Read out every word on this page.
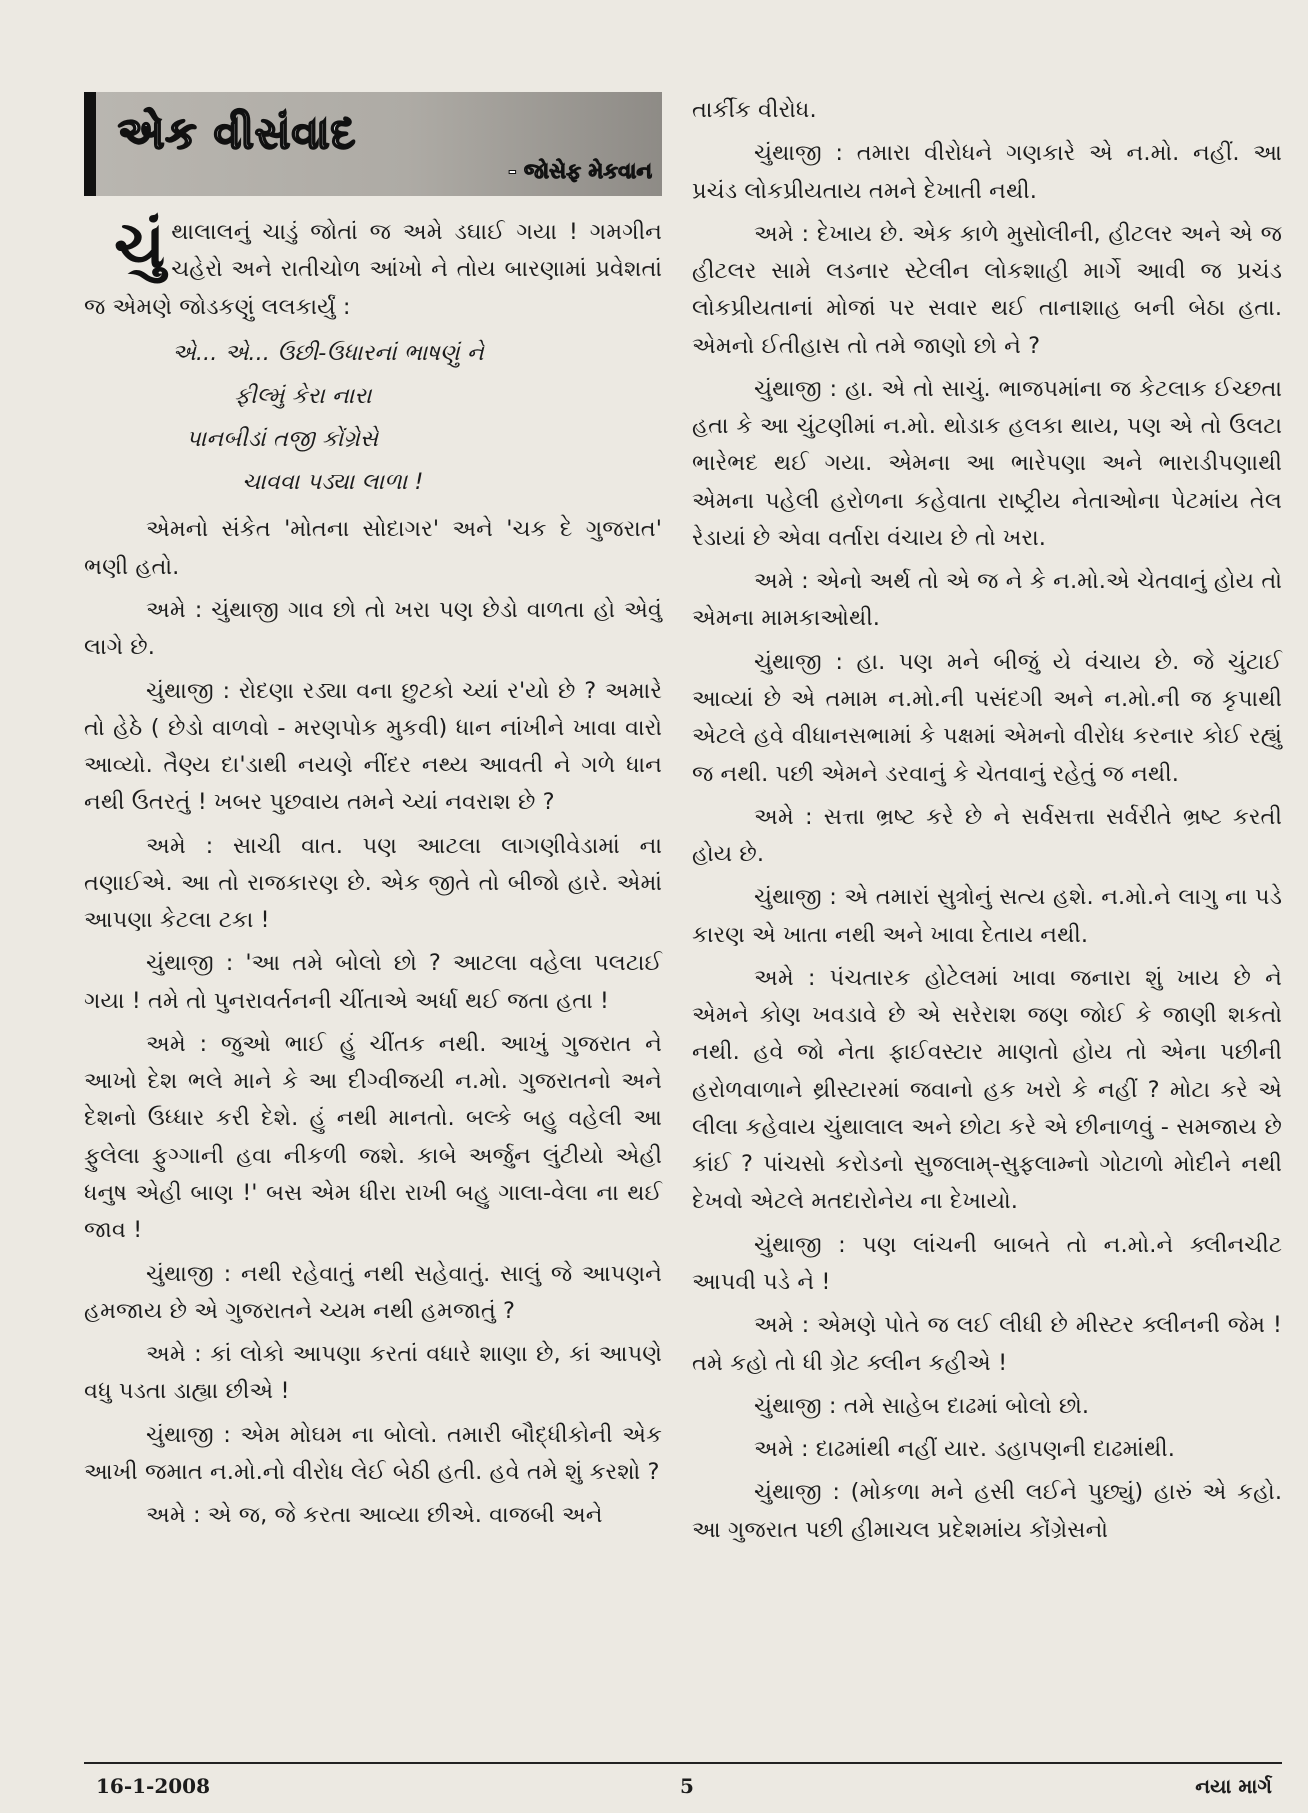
એક વીસંવાદ
- જોસેફ મેકવાન

ચુંથાલાલનું ચાડું જોતાં જ અમે ડઘાઈ ગયા ! ગમગીન ચહેરો અને રાતીચોળ આંખો ને તોય બારણામાં પ્રવેશતાં જ એમણે જોડકણું લલકાર્યું :

એ... એ... ઉછી-ઉધારનાં ભાષણું ને
ફીલ્મું કેરા નારા
પાનબીડાં તજી કોંગ્રેસે
ચાવવા પડ્યા લાળા !

એમનો સંકેત 'મોતના સોદાગર' અને 'ચક દે ગુજરાત' ભણી હતો.

અમે : ચુંથાજી ગાવ છો તો ખરા પણ છેડો વાળતા હો એવું લાગે છે.

ચુંથાજી : રોદણા રડ્યા વના છુટકો ચ્યાં ર'યો છે ? અમારે તો હેઠે ( છેડો વાળવો - મરણપોક મુકવી) ધાન નાંખીને ખાવા વારો આવ્યો. તૈણ્ય દા'ડાથી નયણે નીંદર નથ્ય આવતી ને ગળે ધાન નથી ઉતરતું ! ખબર પુછવાય તમને ચ્યાં નવરાશ છે ?

અમે : સાચી વાત. પણ આટલા લાગણીવેડામાં ના તણાઈએ. આ તો રાજકારણ છે. એક જીતે તો બીજો હારે. એમાં આપણા કેટલા ટકા !

ચુંથાજી : 'આ તમે બોલો છો ? આટલા વહેલા પલટાઈ ગયા ! તમે તો પુનરાવર્તનની ચીંતાએ અર્ધા થઈ જતા હતા !

અમે : જુઓ ભાઈ હું ચીંતક નથી. આખું ગુજરાત ને આખો દેશ ભલે માને કે આ દીગ્વીજયી ન.મો. ગુજરાતનો અને દેશનો ઉધ્ધાર કરી દેશે. હું નથી માનતો. બલ્કે બહુ વહેલી આ ફુલેલા ફુગ્ગાની હવા નીકળી જશે. કાબે અર્જુન લુંટીયો એહી ધનુષ એહી બાણ !' બસ એમ ધીરા રાખી બહુ ગાલા-વેલા ના થઈ જાવ !

ચુંથાજી : નથી રહેવાતું નથી સહેવાતું. સાલું જે આપણને હમજાય છે એ ગુજરાતને ચ્યમ નથી હમજાતું ?

અમે : કાં લોકો આપણા કરતાં વધારે શાણા છે, કાં આપણે વધુ પડતા ડાહ્યા છીએ !

ચુંથાજી : એમ મોઘમ ના બોલો. તમારી બૌદ્ધીકોની એક આખી જમાત ન.મો.નો વીરોધ લેઈ બેઠી હતી. હવે તમે શું કરશો ?

અમે : એ જ, જે કરતા આવ્યા છીએ. વાજબી અને

તાર્કીક વીરોધ.

ચુંથાજી : તમારા વીરોધને ગણકારે એ ન.મો. નહીં. આ પ્રચંડ લોકપ્રીયતાય તમને દેખાતી નથી.

અમે : દેખાય છે. એક કાળે મુસોલીની, હીટલર અને એ જ હીટલર સામે લડનાર સ્ટેલીન લોકશાહી માર્ગે આવી જ પ્રચંડ લોકપ્રીયતાનાં મોજાં પર સવાર થઈ તાનાશાહ બની બેઠા હતા. એમનો ઈતીહાસ તો તમે જાણો છો ને ?

ચુંથાજી : હા. એ તો સાચું. ભાજપમાંના જ કેટલાક ઈચ્છતા હતા કે આ ચુંટણીમાં ન.મો. થોડાક હલકા થાય, પણ એ તો ઉલટા ભારેભદ થઈ ગયા. એમના આ ભારેપણા અને ભારાડીપણાથી એમના પહેલી હરોળના કહેવાતા રાષ્ટ્રીય નેતાઓના પેટમાંય તેલ રેડાયાં છે એવા વર્તારા વંચાય છે તો ખરા.

અમે : એનો અર્થ તો એ જ ને કે ન.મો.એ ચેતવાનું હોય તો એમના મામકાઓથી.

ચુંથાજી : હા. પણ મને બીજું યે વંચાય છે. જે ચુંટાઈ આવ્યાં છે એ તમામ ન.મો.ની પસંદગી અને ન.મો.ની જ કૃપાથી એટલે હવે વીધાનસભામાં કે પક્ષમાં એમનો વીરોધ કરનાર કોઈ રહ્યું જ નથી. પછી એમને ડરવાનું કે ચેતવાનું રહેતું જ નથી.

અમે : સત્તા ભ્રષ્ટ કરે છે ને સર્વસત્તા સર્વરીતે ભ્રષ્ટ કરતી હોય છે.

ચુંથાજી : એ તમારાં સુત્રોનું સત્ય હશે. ન.મો.ને લાગુ ના પડે કારણ એ ખાતા નથી અને ખાવા દેતાય નથી.

અમે : પંચતારક હોટેલમાં ખાવા જનારા શું ખાય છે ને એમને કોણ ખવડાવે છે એ સરેરાશ જણ જોઈ કે જાણી શકતો નથી. હવે જો નેતા ફાઈવસ્ટાર માણતો હોય તો એના પછીની હરોળવાળાને થ્રીસ્ટારમાં જવાનો હક ખરો કે નહીં ? મોટા કરે એ લીલા કહેવાય ચુંથાલાલ અને છોટા કરે એ છીનાળવું - સમજાય છે કાંઈ ? પાંચસો કરોડનો સુજલામ્-સુફલામ્નો ગોટાળો મોદીને નથી દેખવો એટલે મતદારોનેય ના દેખાયો.

ચુંથાજી : પણ લાંચની બાબતે તો ન.મો.ને ક્લીનચીટ આપવી પડે ને !

અમે : એમણે પોતે જ લઈ લીધી છે મીસ્ટર ક્લીનની જેમ ! તમે કહો તો ધી ગ્રેટ ક્લીન કહીએ !

ચુંથાજી : તમે સાહેબ દાઢમાં બોલો છો.

અમે : દાઢમાંથી નહીં યાર. ડહાપણની દાઢમાંથી.

ચુંથાજી : (મોકળા મને હસી લઈને પુછ્યું) હારું એ કહો. આ ગુજરાત પછી હીમાચલ પ્રદેશમાંય કોંગ્રેસનો

16-1-2008	5	નયા માર્ગ
